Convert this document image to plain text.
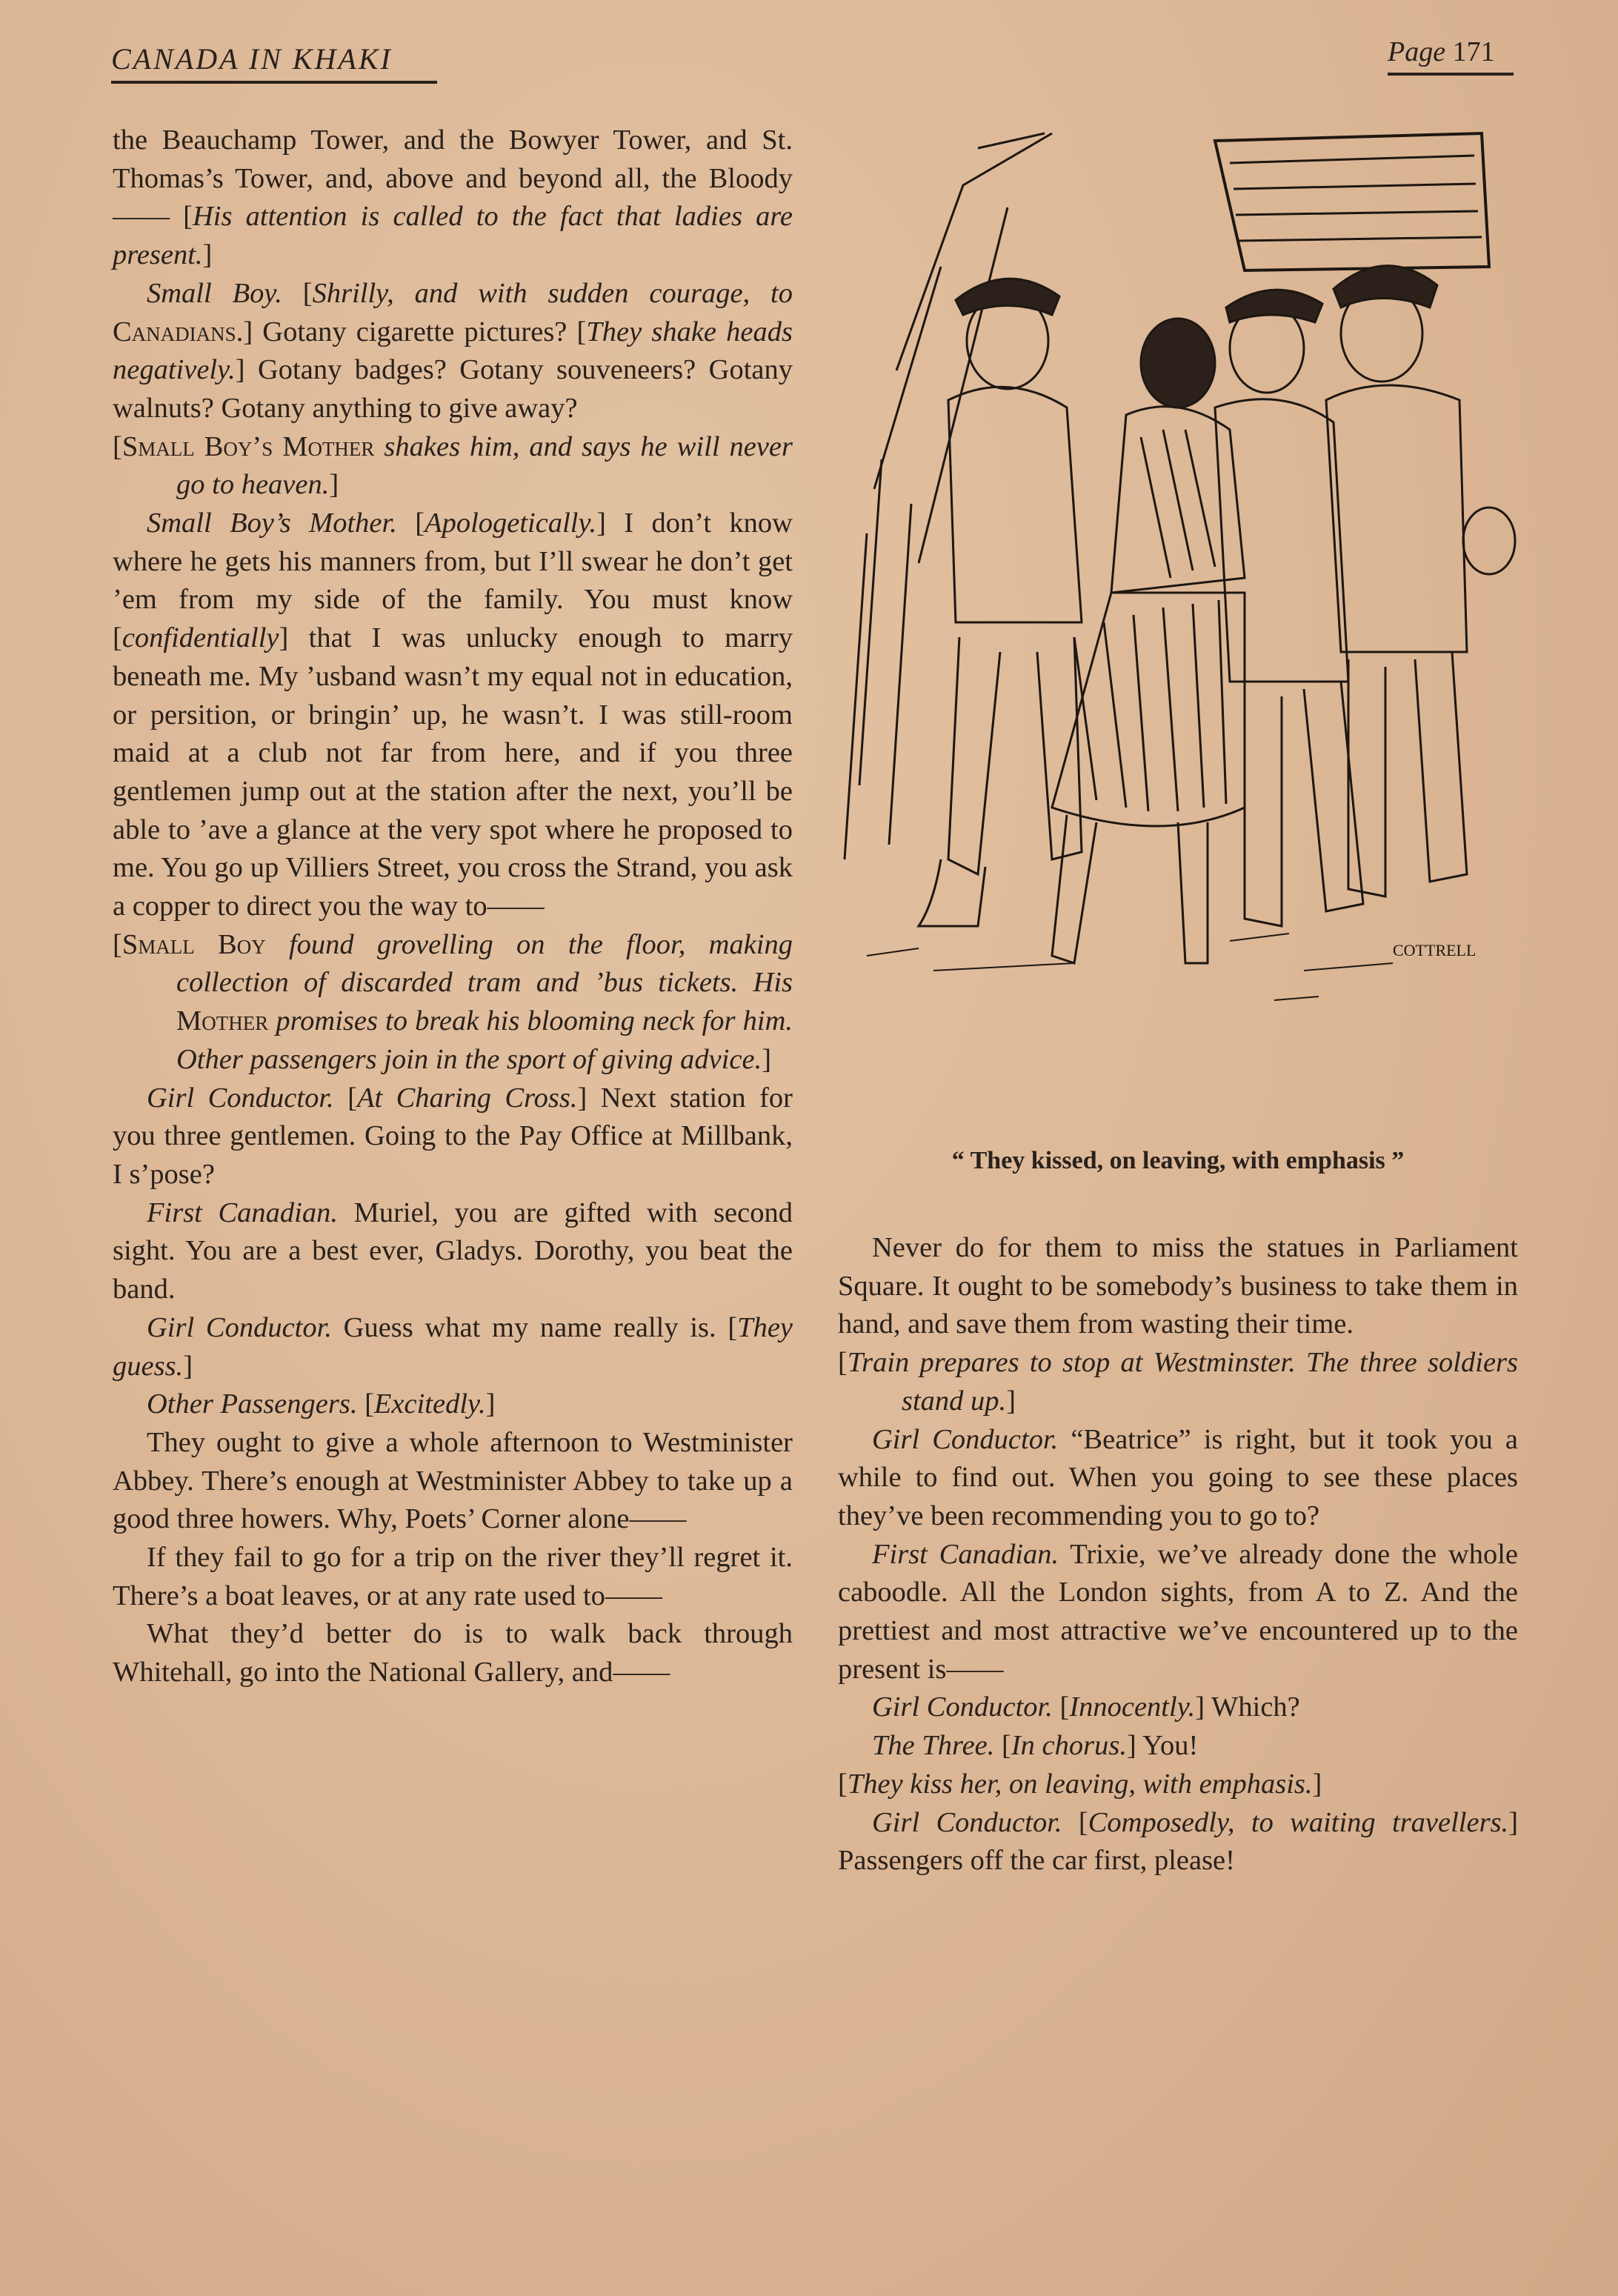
CANADA IN KHAKI	Page 171

the Beauchamp Tower, and the Bowyer Tower, and St. Thomas’s Tower, and, above and beyond all, the Bloody—— [His attention is called to the fact that ladies are present.]

Small Boy. [Shrilly, and with sudden courage, to Canadians.] Gotany cigarette pictures? [They shake heads negatively.] Gotany badges? Gotany souveneers? Gotany walnuts? Gotany anything to give away?

[Small Boy’s Mother shakes him, and says he will never go to heaven.]

Small Boy’s Mother. [Apologetically.] I don’t know where he gets his manners from, but I’ll swear he don’t get ’em from my side of the family. You must know [confidentially] that I was unlucky enough to marry beneath me. My ’usband wasn’t my equal not in education, or persition, or bringin’ up, he wasn’t. I was still-room maid at a club not far from here, and if you three gentlemen jump out at the station after the next, you’ll be able to ’ave a glance at the very spot where he proposed to me. You go up Villiers Street, you cross the Strand, you ask a copper to direct you the way to——

[Small Boy found grovelling on the floor, making collection of discarded tram and ’bus tickets. His Mother promises to break his blooming neck for him. Other passengers join in the sport of giving advice.]

Girl Conductor. [At Charing Cross.] Next station for you three gentlemen. Going to the Pay Office at Millbank, I s’pose?

First Canadian. Muriel, you are gifted with second sight. You are a best ever, Gladys. Dorothy, you beat the band.

Girl Conductor. Guess what my name really is. [They guess.]

Other Passengers. [Excitedly.]

They ought to give a whole afternoon to Westminister Abbey. There’s enough at Westminister Abbey to take up a good three howers. Why, Poets’ Corner alone——

If they fail to go for a trip on the river they’ll regret it. There’s a boat leaves, or at any rate used to——

What they’d better do is to walk back through Whitehall, go into the National Gallery, and——

COTTRELL
“ They kissed, on leaving, with emphasis ”

Never do for them to miss the statues in Parliament Square. It ought to be somebody’s business to take them in hand, and save them from wasting their time.

[Train prepares to stop at Westminster. The three soldiers stand up.]

Girl Conductor. “Beatrice” is right, but it took you a while to find out. When you going to see these places they’ve been recommending you to go to?

First Canadian. Trixie, we’ve already done the whole caboodle. All the London sights, from A to Z. And the prettiest and most attractive we’ve encountered up to the present is——

Girl Conductor. [Innocently.] Which?

The Three. [In chorus.] You!

[They kiss her, on leaving, with emphasis.]

Girl Conductor. [Composedly, to waiting travellers.] Passengers off the car first, please!
